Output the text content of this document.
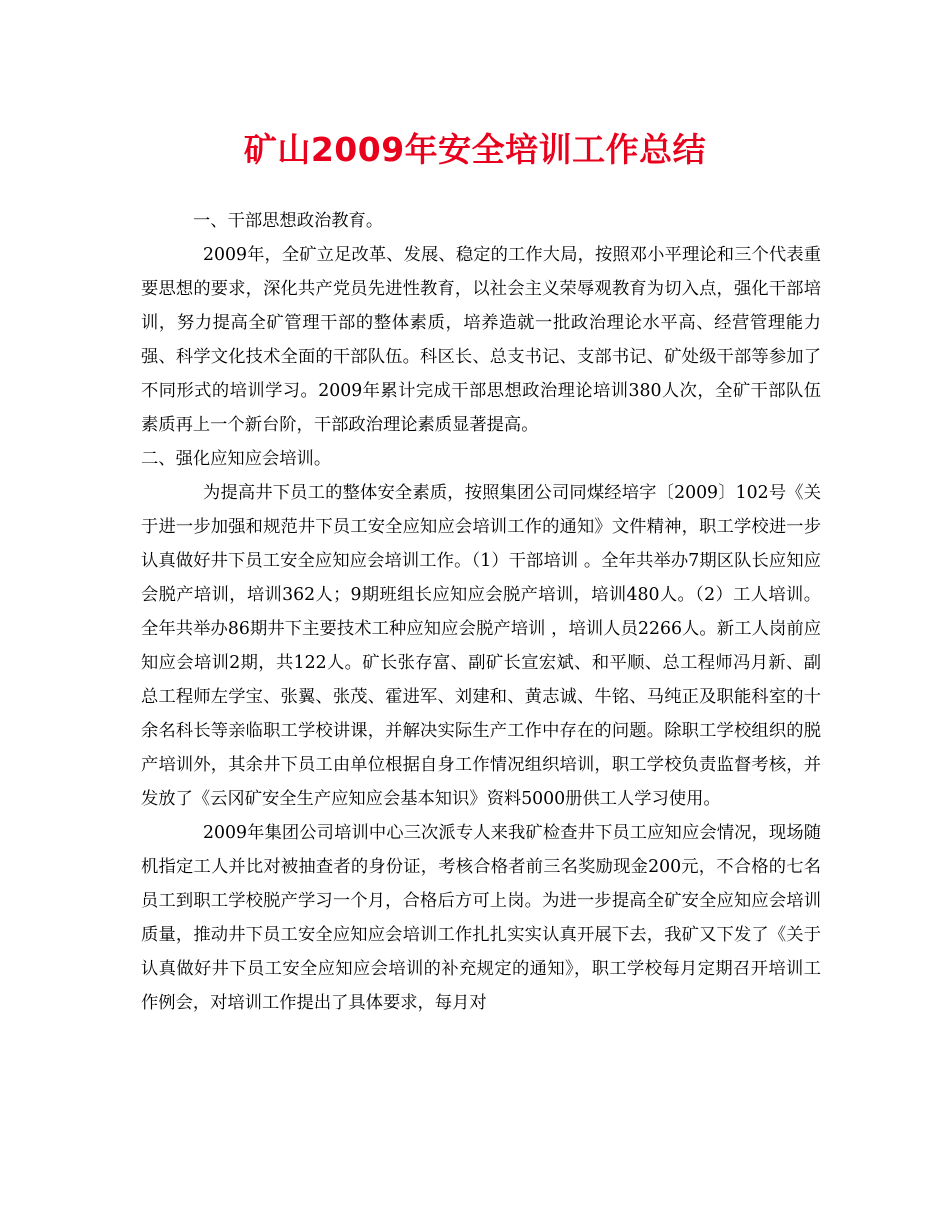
矿山2009年安全培训工作总结

一、干部思想政治教育。

2009年，全矿立足改革、发展、稳定的工作大局，按照邓小平理论和三个代表重要思想的要求，深化共产党员先进性教育，以社会主义荣辱观教育为切入点，强化干部培训，努力提高全矿管理干部的整体素质，培养造就一批政治理论水平高、经营管理能力强、科学文化技术全面的干部队伍。科区长、总支书记、支部书记、矿处级干部等参加了不同形式的培训学习。2009年累计完成干部思想政治理论培训380人次，全矿干部队伍素质再上一个新台阶，干部政治理论素质显著提高。

二、强化应知应会培训。

为提高井下员工的整体安全素质，按照集团公司同煤经培字〔2009〕102号《关于进一步加强和规范井下员工安全应知应会培训工作的通知》文件精神，职工学校进一步认真做好井下员工安全应知应会培训工作。（1）干部培训 。全年共举办7期区队长应知应会脱产培训，培训362人；9期班组长应知应会脱产培训，培训480人。（2）工人培训。全年共举办86期井下主要技术工种应知应会脱产培训 ，培训人员2266人。新工人岗前应知应会培训2期，共122人。矿长张存富、副矿长宣宏斌、和平顺、总工程师冯月新、副总工程师左学宝、张翼、张茂、霍进军、刘建和、黄志诚、牛铭、马纯正及职能科室的十余名科长等亲临职工学校讲课，并解决实际生产工作中存在的问题。除职工学校组织的脱产培训外，其余井下员工由单位根据自身工作情况组织培训，职工学校负责监督考核，并发放了《云冈矿安全生产应知应会基本知识》资料5000册供工人学习使用。

2009年集团公司培训中心三次派专人来我矿检查井下员工应知应会情况，现场随机指定工人并比对被抽查者的身份证，考核合格者前三名奖励现金200元，不合格的七名员工到职工学校脱产学习一个月，合格后方可上岗。为进一步提高全矿安全应知应会培训质量，推动井下员工安全应知应会培训工作扎扎实实认真开展下去，我矿又下发了《关于认真做好井下员工安全应知应会培训的补充规定的通知》，职工学校每月定期召开培训工作例会，对培训工作提出了具体要求，每月对
